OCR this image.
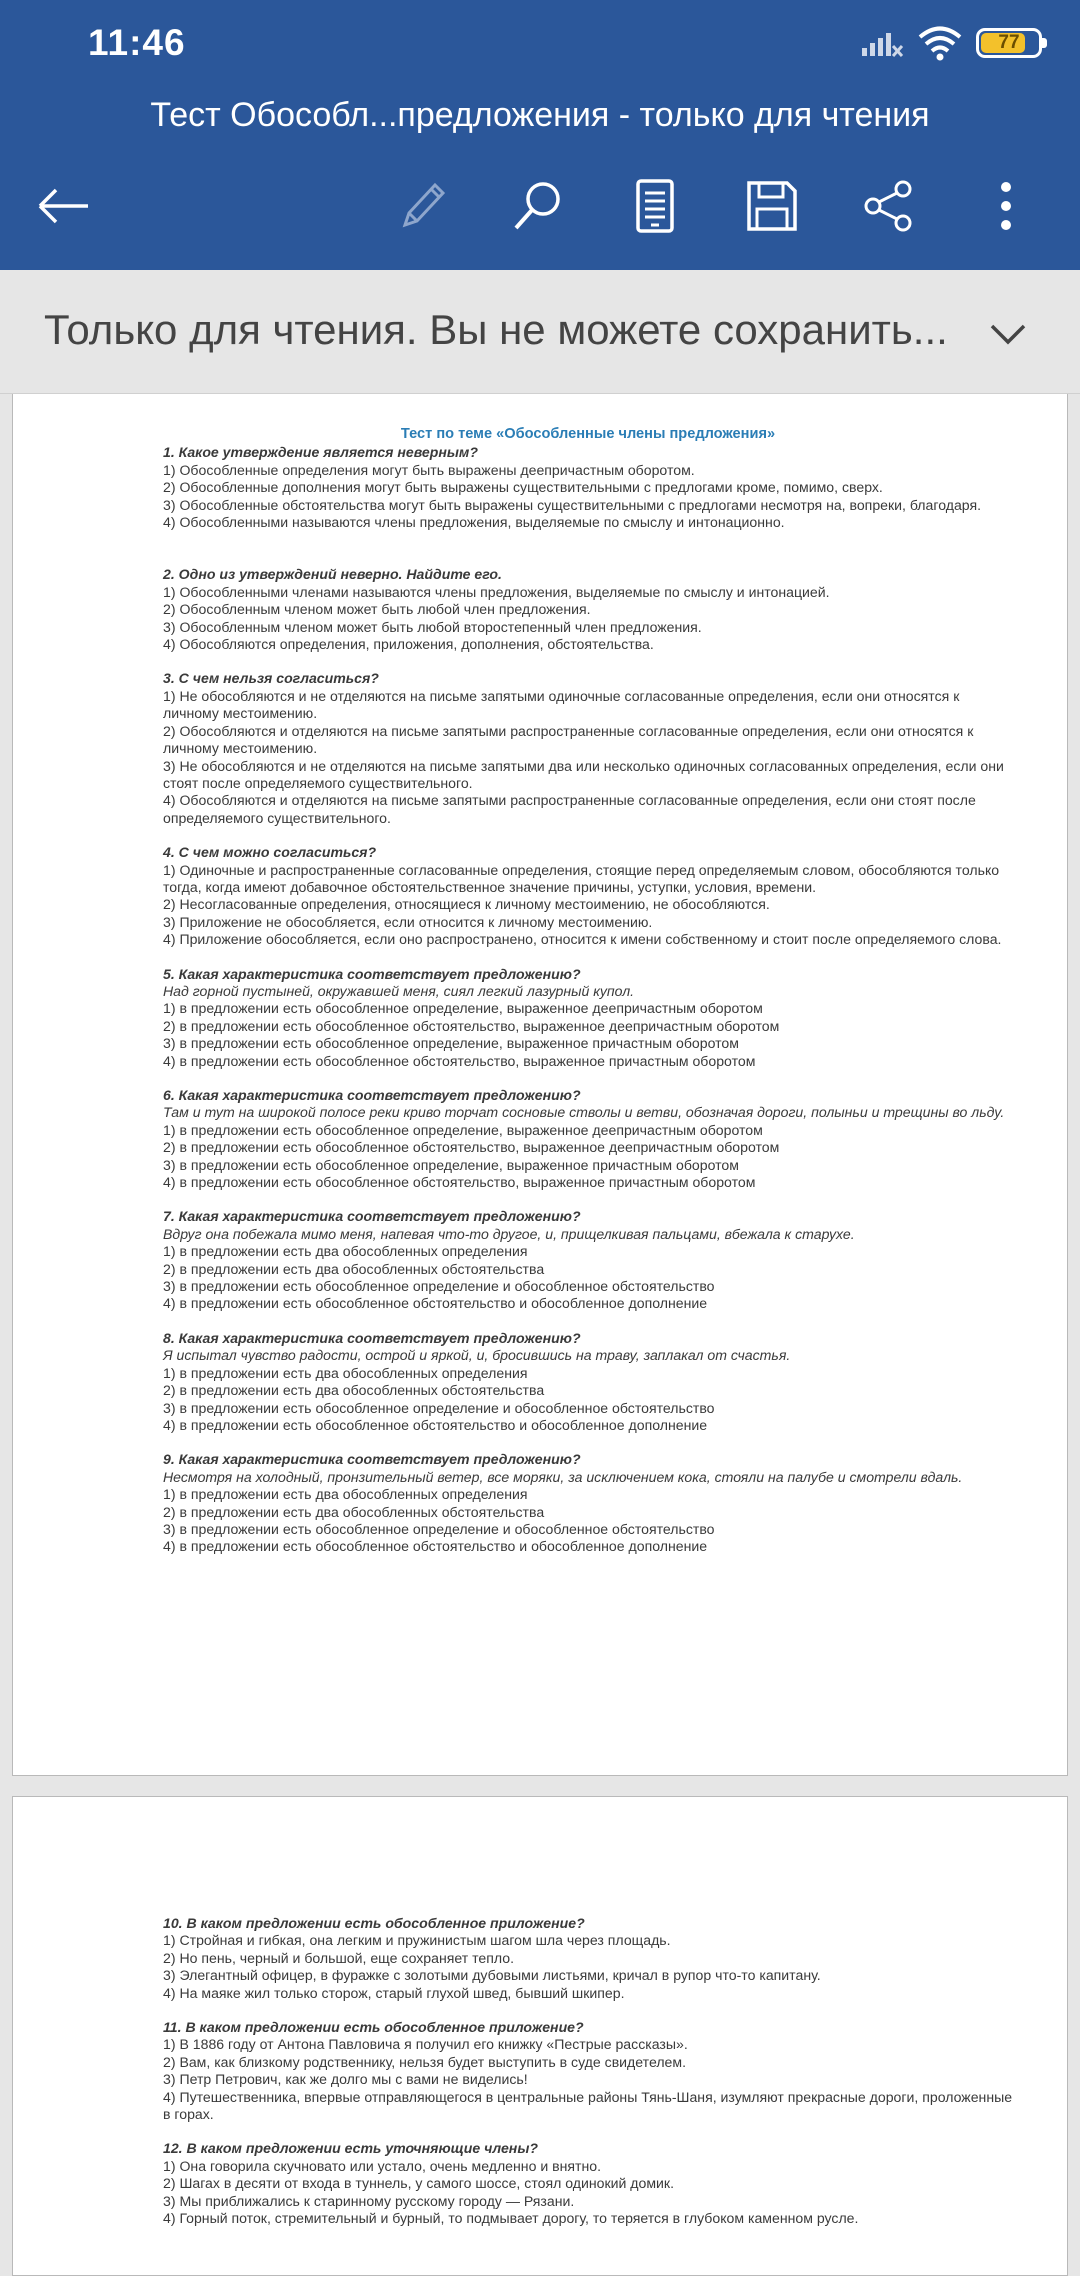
11:46	77
Тест Обособл...предложения - только для чтения
Только для чтения. Вы не можете сохранить...
Тест по теме «Обособленные члены предложения»
1. Какое утверждение является неверным?
1) Обособленные определения могут быть выражены деепричастным оборотом.
2) Обособленные дополнения могут быть выражены существительными с предлогами кроме, помимо, сверх.
3) Обособленные обстоятельства могут быть выражены существительными с предлогами несмотря на, вопреки, благодаря.
4) Обособленными называются члены предложения, выделяемые по смыслу и интонационно.
2. Одно из утверждений неверно. Найдите его.
1) Обособленными членами называются члены предложения, выделяемые по смыслу и интонацией.
2) Обособленным членом может быть любой член предложения.
3) Обособленным членом может быть любой второстепенный член предложения.
4) Обособляются определения, приложения, дополнения, обстоятельства.
3. С чем нельзя согласиться?
1) Не обособляются и не отделяются на письме запятыми одиночные согласованные определения, если они относятся к личному местоимению.
2) Обособляются и отделяются на письме запятыми распространенные согласованные определения, если они относятся к личному местоимению.
3) Не обособляются и не отделяются на письме запятыми два или несколько одиночных согласованных определения, если они стоят после определяемого существительного.
4) Обособляются и отделяются на письме запятыми распространенные согласованные определения, если они стоят после определяемого существительного.
4. С чем можно согласиться?
1) Одиночные и распространенные согласованные определения, стоящие перед определяемым словом, обособляются только тогда, когда имеют добавочное обстоятельственное значение причины, уступки, условия, времени.
2) Несогласованные определения, относящиеся к личному местоимению, не обособляются.
3) Приложение не обособляется, если относится к личному местоимению.
4) Приложение обособляется, если оно распространено, относится к имени собственному и стоит после определяемого слова.
5. Какая характеристика соответствует предложению?
Над горной пустыней, окружавшей меня, сиял легкий лазурный купол.
1) в предложении есть обособленное определение, выраженное деепричастным оборотом
2) в предложении есть обособленное обстоятельство, выраженное деепричастным оборотом
3) в предложении есть обособленное определение, выраженное причастным оборотом
4) в предложении есть обособленное обстоятельство, выраженное причастным оборотом
6. Какая характеристика соответствует предложению?
Там и тут на широкой полосе реки криво торчат сосновые стволы и ветви, обозначая дороги, полыньи и трещины во льду.
1) в предложении есть обособленное определение, выраженное деепричастным оборотом
2) в предложении есть обособленное обстоятельство, выраженное деепричастным оборотом
3) в предложении есть обособленное определение, выраженное причастным оборотом
4) в предложении есть обособленное обстоятельство, выраженное причастным оборотом
7. Какая характеристика соответствует предложению?
Вдруг она побежала мимо меня, напевая что-то другое, и, прищелкивая пальцами, вбежала к старухе.
1) в предложении есть два обособленных определения
2) в предложении есть два обособленных обстоятельства
3) в предложении есть обособленное определение и обособленное обстоятельство
4) в предложении есть обособленное обстоятельство и обособленное дополнение
8. Какая характеристика соответствует предложению?
Я испытал чувство радости, острой и яркой, и, бросившись на траву, заплакал от счастья.
1) в предложении есть два обособленных определения
2) в предложении есть два обособленных обстоятельства
3) в предложении есть обособленное определение и обособленное обстоятельство
4) в предложении есть обособленное обстоятельство и обособленное дополнение
9. Какая характеристика соответствует предложению?
Несмотря на холодный, пронзительный ветер, все моряки, за исключением кока, стояли на палубе и смотрели вдаль.
1) в предложении есть два обособленных определения
2) в предложении есть два обособленных обстоятельства
3) в предложении есть обособленное определение и обособленное обстоятельство
4) в предложении есть обособленное обстоятельство и обособленное дополнение
10. В каком предложении есть обособленное приложение?
1) Стройная и гибкая, она легким и пружинистым шагом шла через площадь.
2) Но пень, черный и большой, еще сохраняет тепло.
3) Элегантный офицер, в фуражке с золотыми дубовыми листьями, кричал в рупор что-то капитану.
4) На маяке жил только сторож, старый глухой швед, бывший шкипер.
11. В каком предложении есть обособленное приложение?
1) В 1886 году от Антона Павловича я получил его книжку «Пестрые рассказы».
2) Вам, как близкому родственнику, нельзя будет выступить в суде свидетелем.
3) Петр Петрович, как же долго мы с вами не виделись!
4) Путешественника, впервые отправляющегося в центральные районы Тянь-Шаня, изумляют прекрасные дороги, проложенные в горах.
12. В каком предложении есть уточняющие члены?
1) Она говорила скучновато или устало, очень медленно и внятно.
2) Шагах в десяти от входа в туннель, у самого шоссе, стоял одинокий домик.
3) Мы приближались к старинному русскому городу — Рязани.
4) Горный поток, стремительный и бурный, то подмывает дорогу, то теряется в глубоком каменном русле.
